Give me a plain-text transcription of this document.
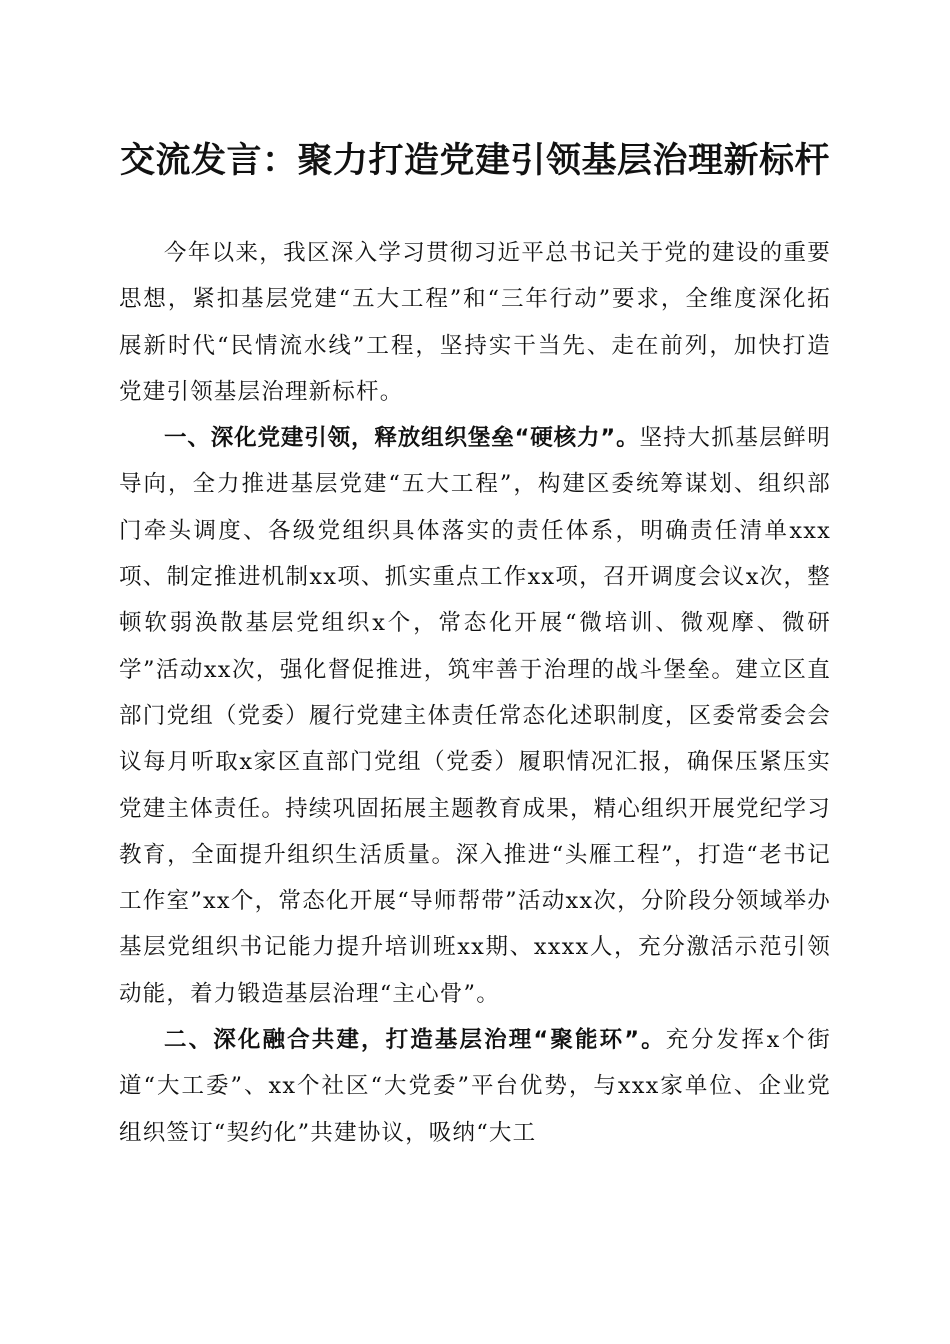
交流发言：聚力打造党建引领基层治理新标杆

今年以来，我区深入学习贯彻习近平总书记关于党的建设的重要思想，紧扣基层党建“五大工程”和“三年行动”要求，全维度深化拓展新时代“民情流水线”工程，坚持实干当先、走在前列，加快打造党建引领基层治理新标杆。

一、深化党建引领，释放组织堡垒“硬核力”。坚持大抓基层鲜明导向，全力推进基层党建“五大工程”，构建区委统筹谋划、组织部门牵头调度、各级党组织具体落实的责任体系，明确责任清单xxx项、制定推进机制xx项、抓实重点工作xx项，召开调度会议x次，整顿软弱涣散基层党组织x个，常态化开展“微培训、微观摩、微研学”活动xx次，强化督促推进，筑牢善于治理的战斗堡垒。建立区直部门党组（党委）履行党建主体责任常态化述职制度，区委常委会会议每月听取x家区直部门党组（党委）履职情况汇报，确保压紧压实党建主体责任。持续巩固拓展主题教育成果，精心组织开展党纪学习教育，全面提升组织生活质量。深入推进“头雁工程”，打造“老书记工作室”xx个，常态化开展“导师帮带”活动xx次，分阶段分领域举办基层党组织书记能力提升培训班xx期、xxxx人，充分激活示范引领动能，着力锻造基层治理“主心骨”。

二、深化融合共建，打造基层治理“聚能环”。充分发挥x个街道“大工委”、xx个社区“大党委”平台优势，与xxx家单位、企业党组织签订“契约化”共建协议，吸纳“大工
